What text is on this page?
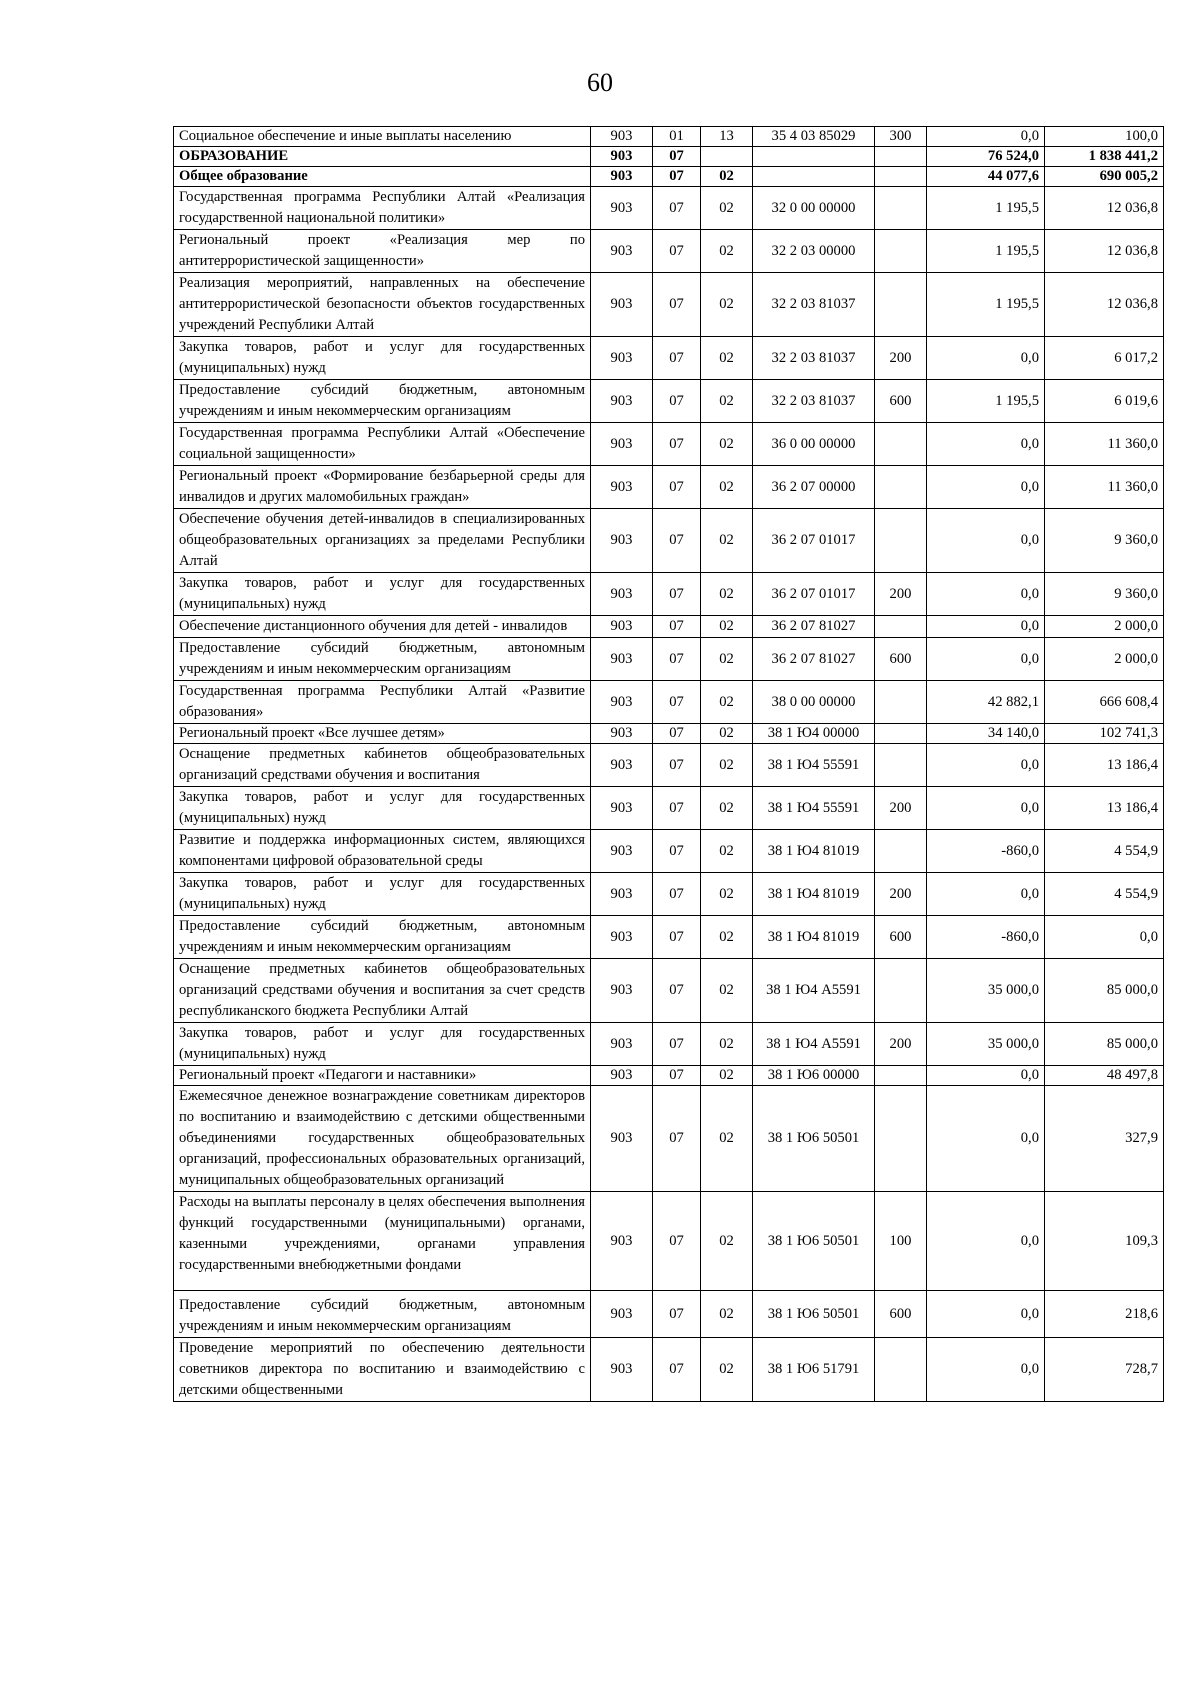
60
Социальное обеспечение и иные выплаты населению	903	01	13	35 4 03 85029	300	0,0	100,0
ОБРАЗОВАНИЕ	903	07				76 524,0	1 838 441,2
Общее образование	903	07	02			44 077,6	690 005,2
Государственная программа Республики Алтай «Реализация государственной национальной политики»	903	07	02	32 0 00 00000		1 195,5	12 036,8
Региональный проект «Реализация мер по антитеррористической защищенности»	903	07	02	32 2 03 00000		1 195,5	12 036,8
Реализация мероприятий, направленных на обеспечение антитеррористической безопасности объектов государственных учреждений Республики Алтай	903	07	02	32 2 03 81037		1 195,5	12 036,8
Закупка товаров, работ и услуг для государственных (муниципальных) нужд	903	07	02	32 2 03 81037	200	0,0	6 017,2
Предоставление субсидий бюджетным, автономным учреждениям и иным некоммерческим организациям	903	07	02	32 2 03 81037	600	1 195,5	6 019,6
Государственная программа Республики Алтай «Обеспечение социальной защищенности»	903	07	02	36 0 00 00000		0,0	11 360,0
Региональный проект «Формирование безбарьерной среды для инвалидов и других маломобильных граждан»	903	07	02	36 2 07 00000		0,0	11 360,0
Обеспечение обучения детей-инвалидов в специализированных общеобразовательных организациях за пределами Республики Алтай	903	07	02	36 2 07 01017		0,0	9 360,0
Закупка товаров, работ и услуг для государственных (муниципальных) нужд	903	07	02	36 2 07 01017	200	0,0	9 360,0
Обеспечение дистанционного обучения для детей - инвалидов	903	07	02	36 2 07 81027		0,0	2 000,0
Предоставление субсидий бюджетным, автономным учреждениям и иным некоммерческим организациям	903	07	02	36 2 07 81027	600	0,0	2 000,0
Государственная программа Республики Алтай «Развитие образования»	903	07	02	38 0 00 00000		42 882,1	666 608,4
Региональный проект «Все лучшее детям»	903	07	02	38 1 Ю4 00000		34 140,0	102 741,3
Оснащение предметных кабинетов общеобразовательных организаций средствами обучения и воспитания	903	07	02	38 1 Ю4 55591		0,0	13 186,4
Закупка товаров, работ и услуг для государственных (муниципальных) нужд	903	07	02	38 1 Ю4 55591	200	0,0	13 186,4
Развитие и поддержка информационных систем, являющихся компонентами цифровой образовательной среды	903	07	02	38 1 Ю4 81019		-860,0	4 554,9
Закупка товаров, работ и услуг для государственных (муниципальных) нужд	903	07	02	38 1 Ю4 81019	200	0,0	4 554,9
Предоставление субсидий бюджетным, автономным учреждениям и иным некоммерческим организациям	903	07	02	38 1 Ю4 81019	600	-860,0	0,0
Оснащение предметных кабинетов общеобразовательных организаций средствами обучения и воспитания за счет средств республиканского бюджета Республики Алтай	903	07	02	38 1 Ю4 А5591		35 000,0	85 000,0
Закупка товаров, работ и услуг для государственных (муниципальных) нужд	903	07	02	38 1 Ю4 А5591	200	35 000,0	85 000,0
Региональный проект «Педагоги и наставники»	903	07	02	38 1 Ю6 00000		0,0	48 497,8
Ежемесячное денежное вознаграждение советникам директоров по воспитанию и взаимодействию с детскими общественными объединениями государственных общеобразовательных организаций, профессиональных образовательных организаций, муниципальных общеобразовательных организаций	903	07	02	38 1 Ю6 50501		0,0	327,9
Расходы на выплаты персоналу в целях обеспечения выполнения функций государственными (муниципальными) органами, казенными учреждениями, органами управления государственными внебюджетными фондами	903	07	02	38 1 Ю6 50501	100	0,0	109,3
Предоставление субсидий бюджетным, автономным учреждениям и иным некоммерческим организациям	903	07	02	38 1 Ю6 50501	600	0,0	218,6
Проведение мероприятий по обеспечению деятельности советников директора по воспитанию и взаимодействию с детскими общественными	903	07	02	38 1 Ю6 51791		0,0	728,7
